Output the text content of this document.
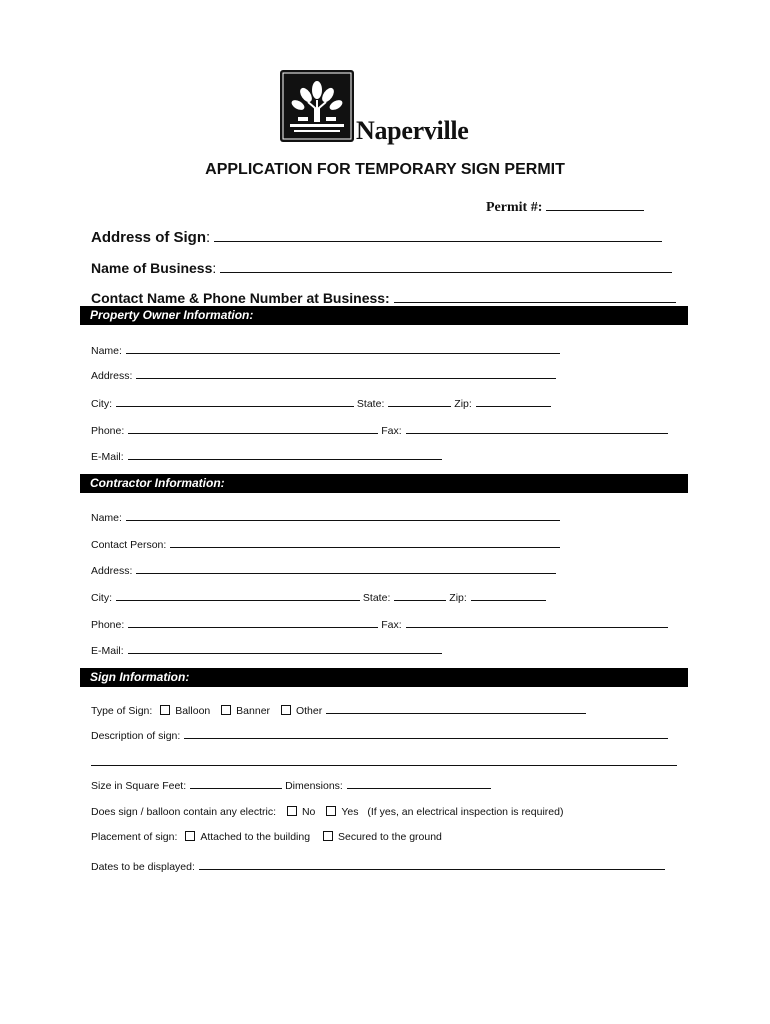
Naperville
APPLICATION FOR TEMPORARY SIGN PERMIT
Permit #:
Address of Sign:
Name of Business:
Contact Name & Phone Number at Business:
Property Owner Information:
Name:
Address:
City:	State:	Zip:
Phone:	Fax:
E-Mail:
Contractor Information:
Name:
Contact Person:
Address:
City:	State:	Zip:
Phone:	Fax:
E-Mail:
Sign Information:
Type of Sign: Balloon Banner Other
Description of sign:
Size in Square Feet:	Dimensions:
Does sign / balloon contain any electric: No Yes (If yes, an electrical inspection is required)
Placement of sign: Attached to the building	Secured to the ground
Dates to be displayed:
